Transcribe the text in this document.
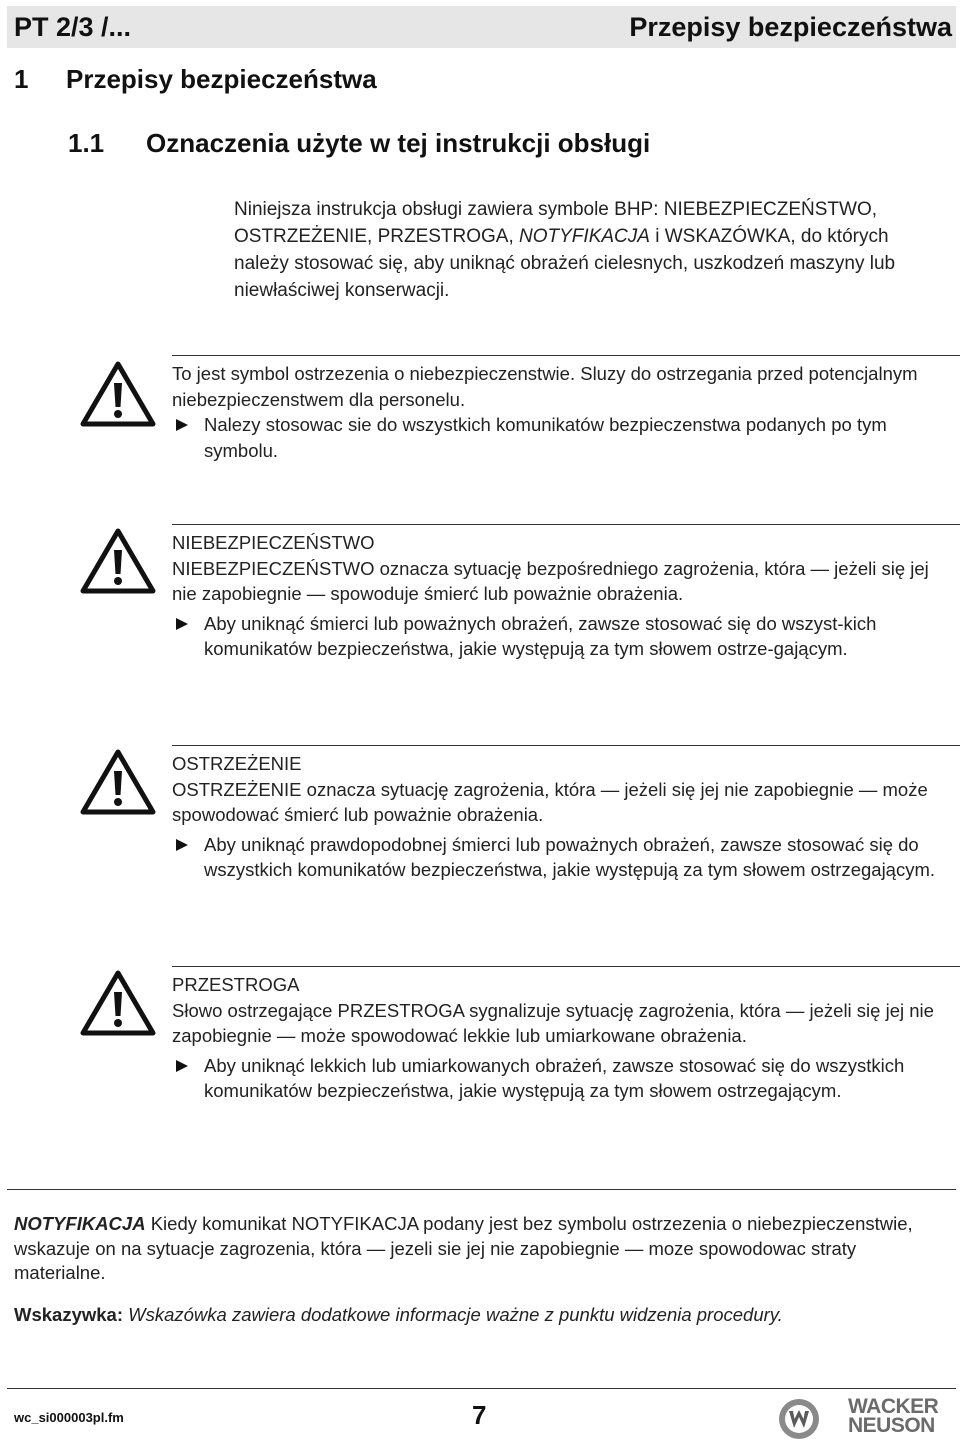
PT 2/3 /...	Przepisy bezpieczeństwa
1 Przepisy bezpieczeństwa
1.1 Oznaczenia użyte w tej instrukcji obsługi
Niniejsza instrukcja obsługi zawiera symbole BHP: NIEBEZPIECZEŃSTWO, OSTRZEŻENIE, PRZESTROGA, NOTYFIKACJA i WSKAZÓWKA, do których należy stosować się, aby uniknąć obrażeń cielesnych, uszkodzeń maszyny lub niewłaściwej konserwacji.
To jest symbol ostrzezenia o niebezpieczenstwie. Sluzy do ostrzegania przed potencjalnym niebezpieczenstwem dla personelu.
Nalezy stosowac sie do wszystkich komunikatów bezpieczenstwa podanych po tym symbolu.
NIEBEZPIECZEŃSTWO
NIEBEZPIECZEŃSTWO oznacza sytuację bezpośredniego zagrożenia, która — jeżeli się jej nie zapobiegnie — spowoduje śmierć lub poważnie obrażenia.
Aby uniknąć śmierci lub poważnych obrażeń, zawsze stosować się do wszyst-kich komunikatów bezpieczeństwa, jakie występują za tym słowem ostrze-gającym.
OSTRZEŻENIE
OSTRZEŻENIE oznacza sytuację zagrożenia, która — jeżeli się jej nie zapobiegnie — może spowodować śmierć lub poważnie obrażenia.
Aby uniknąć prawdopodobnej śmierci lub poważnych obrażeń, zawsze stosować się do wszystkich komunikatów bezpieczeństwa, jakie występują za tym słowem ostrzegającym.
PRZESTROGA
Słowo ostrzegające PRZESTROGA sygnalizuje sytuację zagrożenia, która — jeżeli się jej nie zapobiegnie — może spowodować lekkie lub umiarkowane obrażenia.
Aby uniknąć lekkich lub umiarkowanych obrażeń, zawsze stosować się do wszystkich komunikatów bezpieczeństwa, jakie występują za tym słowem ostrzegającym.
NOTYFIKACJA Kiedy komunikat NOTYFIKACJA podany jest bez symbolu ostrzezenia o niebezpieczenstwie, wskazuje on na sytuacje zagrozenia, która — jezeli sie jej nie zapobiegnie — moze spowodowac straty materialne.
Wskazywka: Wskazówka zawiera dodatkowe informacje ważne z punktu widzenia procedury.
wc_si000003pl.fm	7	WACKER
NEUSON
